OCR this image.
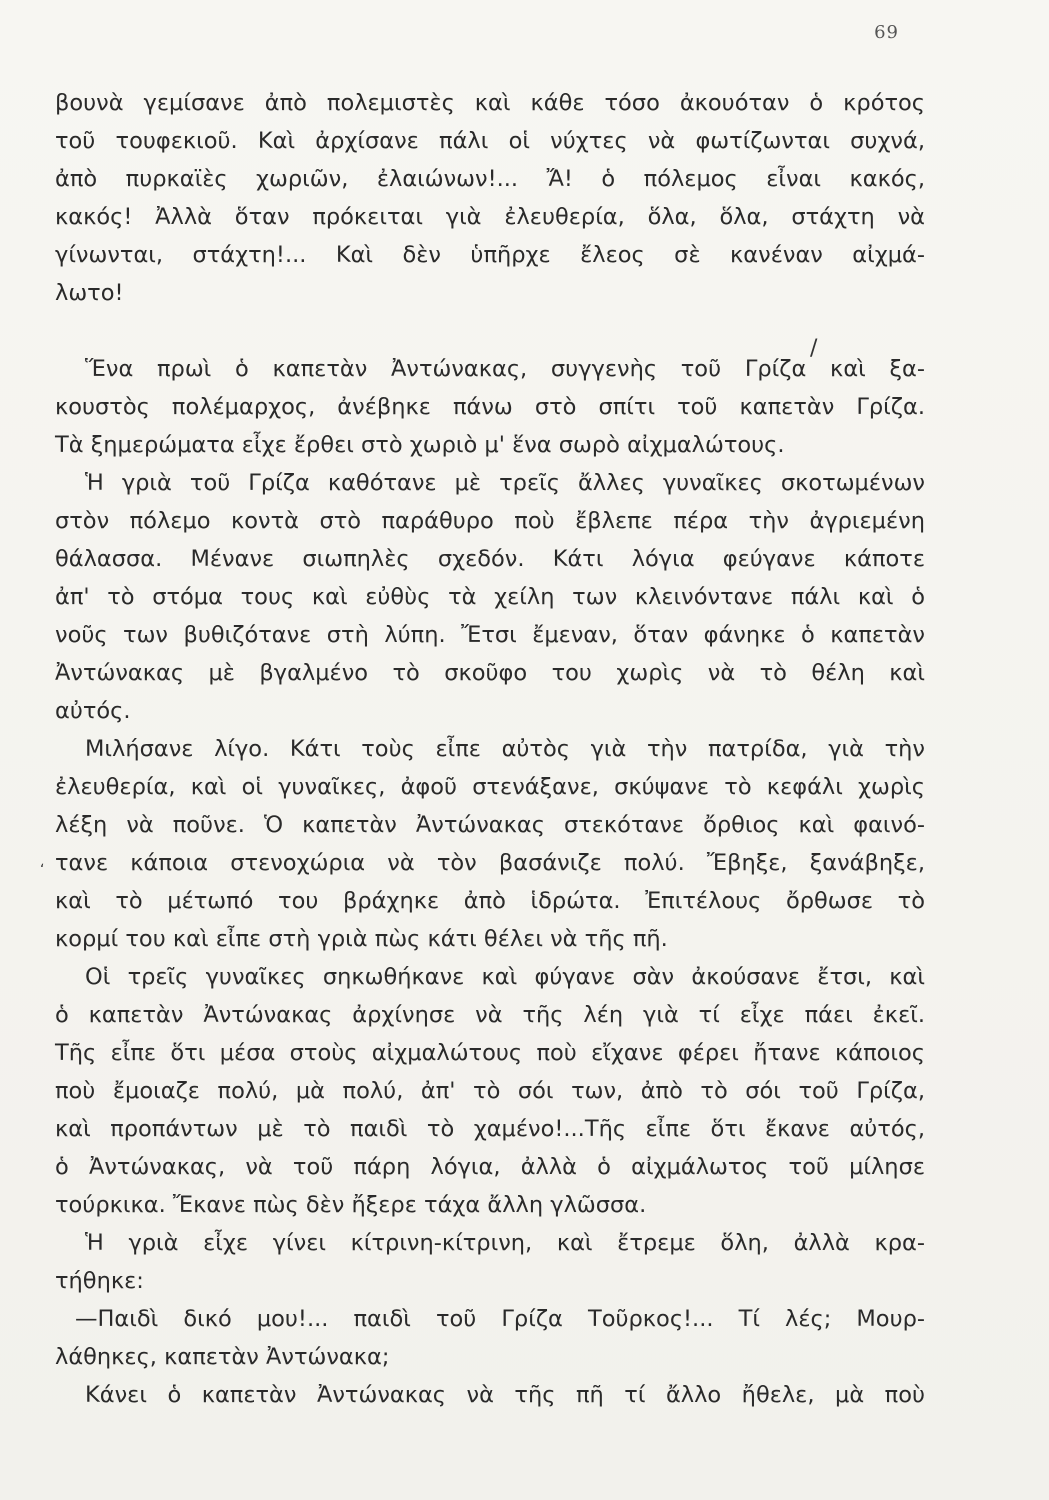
69
/
ʻ
βουνὰ γεμίσανε ἀπὸ πολεμιστὲς καὶ κάθε τόσο ἀκουόταν ὁ κρότος
τοῦ τουφεκιοῦ. Καὶ ἀρχίσανε πάλι οἱ νύχτες νὰ φωτίζωνται συχνά,
ἀπὸ πυρκαϊὲς χωριῶν, ἐλαιώνων!... Ἄ! ὁ πόλεμος εἶναι κακός,
κακός! Ἀλλὰ ὅταν πρόκειται γιὰ ἐλευθερία, ὅλα, ὅλα, στάχτη νὰ
γίνωνται, στάχτη!... Καὶ δὲν ὑπῆρχε ἔλεος σὲ κανέναν αἰχμά-
λωτο!
Ἕνα πρωὶ ὁ καπετὰν Ἀντώνακας, συγγενὴς τοῦ Γρίζα καὶ ξα-
κουστὸς πολέμαρχος, ἀνέβηκε πάνω στὸ σπίτι τοῦ καπετὰν Γρίζα.
Τὰ ξημερώματα εἶχε ἔρθει στὸ χωριὸ μ' ἕνα σωρὸ αἰχμαλώτους.
Ἡ γριὰ τοῦ Γρίζα καθότανε μὲ τρεῖς ἄλλες γυναῖκες σκοτωμένων
στὸν πόλεμο κοντὰ στὸ παράθυρο ποὺ ἔβλεπε πέρα τὴν ἀγριεμένη
θάλασσα. Μένανε σιωπηλὲς σχεδόν. Κάτι λόγια φεύγανε κάποτε
ἀπ' τὸ στόμα τους καὶ εὐθὺς τὰ χείλη των κλεινόντανε πάλι καὶ ὁ
νοῦς των βυθιζότανε στὴ λύπη. Ἔτσι ἔμεναν, ὅταν φάνηκε ὁ καπετὰν
Ἀντώνακας μὲ βγαλμένο τὸ σκοῦφο του χωρὶς νὰ τὸ θέλη καὶ
αὐτός.
Μιλήσανε λίγο. Κάτι τοὺς εἶπε αὐτὸς γιὰ τὴν πατρίδα, γιὰ τὴν
ἐλευθερία, καὶ οἱ γυναῖκες, ἀφοῦ στενάξανε, σκύψανε τὸ κεφάλι χωρὶς
λέξη νὰ ποῦνε. Ὁ καπετὰν Ἀντώνακας στεκότανε ὄρθιος καὶ φαινό-
τανε κάποια στενοχώρια νὰ τὸν βασάνιζε πολύ. Ἔβηξε, ξανάβηξε,
καὶ τὸ μέτωπό του βράχηκε ἀπὸ ἱδρώτα. Ἐπιτέλους ὄρθωσε τὸ
κορμί του καὶ εἶπε στὴ γριὰ πὼς κάτι θέλει νὰ τῆς πῆ.
Οἱ τρεῖς γυναῖκες σηκωθήκανε καὶ φύγανε σὰν ἀκούσανε ἔτσι, καὶ
ὁ καπετὰν Ἀντώνακας ἀρχίνησε νὰ τῆς λέη γιὰ τί εἶχε πάει ἐκεῖ.
Τῆς εἶπε ὅτι μέσα στοὺς αἰχμαλώτους ποὺ εἴχανε φέρει ἤτανε κάποιος
ποὺ ἔμοιαζε πολύ, μὰ πολύ, ἀπ' τὸ σόι των, ἀπὸ τὸ σόι τοῦ Γρίζα,
καὶ προπάντων μὲ τὸ παιδὶ τὸ χαμένο!...Τῆς εἶπε ὅτι ἔκανε αὐτός,
ὁ Ἀντώνακας, νὰ τοῦ πάρη λόγια, ἀλλὰ ὁ αἰχμάλωτος τοῦ μίλησε
τούρκικα. Ἔκανε πὼς δὲν ἤξερε τάχα ἄλλη γλῶσσα.
Ἡ γριὰ εἶχε γίνει κίτρινη-κίτρινη, καὶ ἔτρεμε ὅλη, ἀλλὰ κρα-
τήθηκε:
—Παιδὶ δικό μου!... παιδὶ τοῦ Γρίζα Τοῦρκος!... Τί λές; Μουρ-
λάθηκες, καπετὰν Ἀντώνακα;
Κάνει ὁ καπετὰν Ἀντώνακας νὰ τῆς πῆ τί ἄλλο ἤθελε, μὰ ποὺ
